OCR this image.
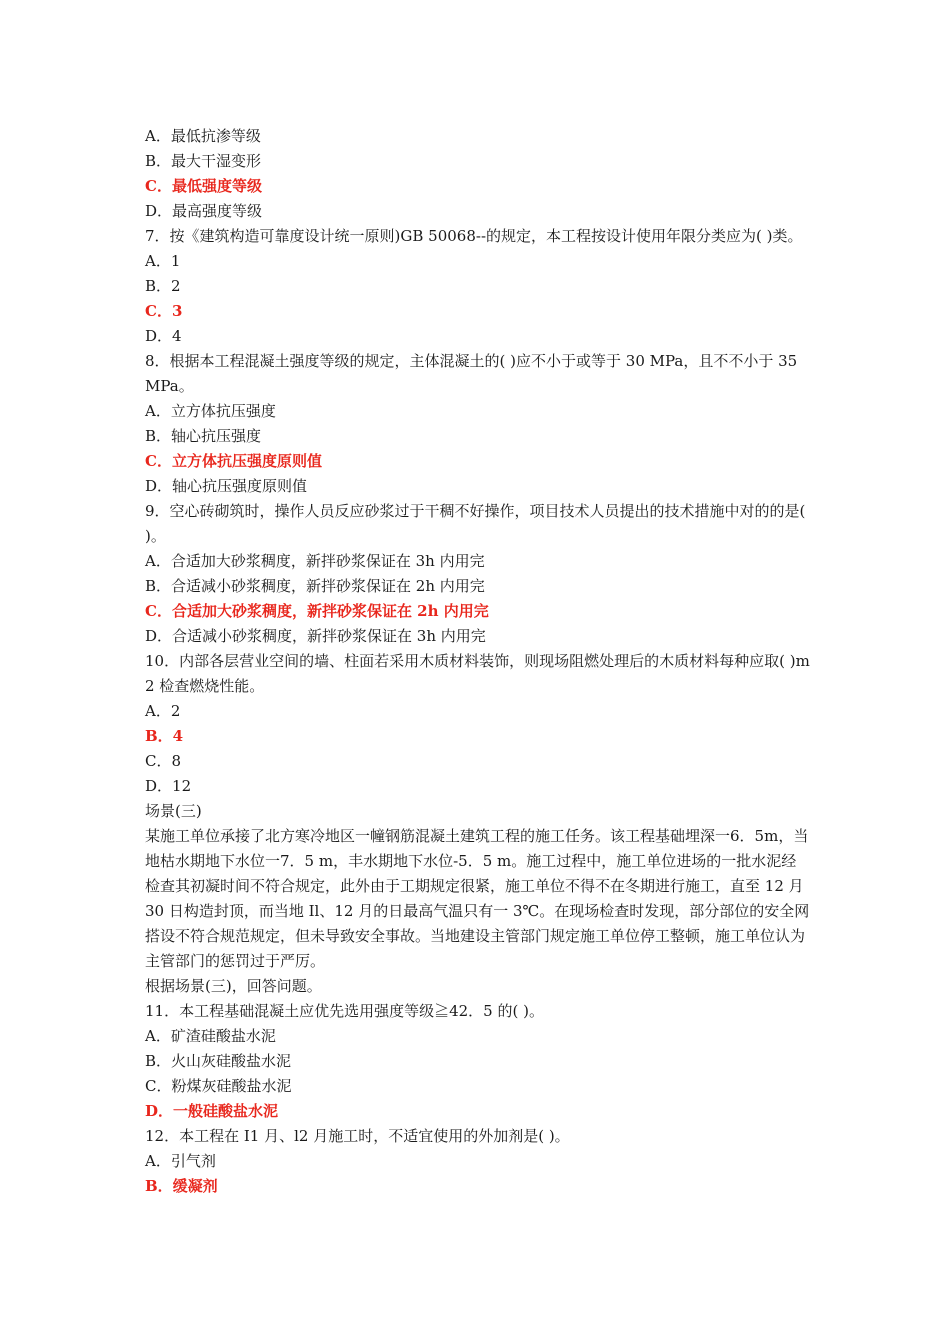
A．最低抗渗等级
B．最大干湿变形
C．最低强度等级
D．最高强度等级
7．按《建筑构造可靠度设计统一原则)GB 50068--的规定，本工程按设计使用年限分类应为( )类。
A．1
B．2
C．3
D．4
8．根据本工程混凝土强度等级的规定，主体混凝土的( )应不小于或等于 30 MPa，且不不小于 35MPa。
A．立方体抗压强度
B．轴心抗压强度
C．立方体抗压强度原则值
D．轴心抗压强度原则值
9．空心砖砌筑时，操作人员反应砂浆过于干稠不好操作，项目技术人员提出的技术措施中对的的是( )。
A．合适加大砂浆稠度，新拌砂浆保证在 3h 内用完
B．合适减小砂浆稠度，新拌砂浆保证在 2h 内用完
C．合适加大砂浆稠度，新拌砂浆保证在 2h 内用完
D．合适减小砂浆稠度，新拌砂浆保证在 3h 内用完
10．内部各层营业空间的墙、柱面若采用木质材料装饰，则现场阻燃处理后的木质材料每种应取( )m2 检查燃烧性能。
A．2
B．4
C．8
D．12
场景(三)
某施工单位承接了北方寒冷地区一幢钢筋混凝土建筑工程的施工任务。该工程基础埋深一6．5m，当地枯水期地下水位一7．5 m，丰水期地下水位-5．5 m。施工过程中，施工单位进场的一批水泥经检查其初凝时间不符合规定，此外由于工期规定很紧，施工单位不得不在冬期进行施工，直至 12 月 30 日构造封顶，而当地 Il、12 月的日最高气温只有一 3℃。在现场检查时发现，部分部位的安全网搭设不符合规范规定，但未导致安全事故。当地建设主管部门规定施工单位停工整顿，施工单位认为主管部门的惩罚过于严厉。
根据场景(三)，回答问题。
11．本工程基础混凝土应优先选用强度等级≧42．5 的( )。
A．矿渣硅酸盐水泥
B．火山灰硅酸盐水泥
C．粉煤灰硅酸盐水泥
D．一般硅酸盐水泥
12．本工程在 I1 月、l2 月施工时，不适宜使用的外加剂是( )。
A．引气剂
B．缓凝剂
